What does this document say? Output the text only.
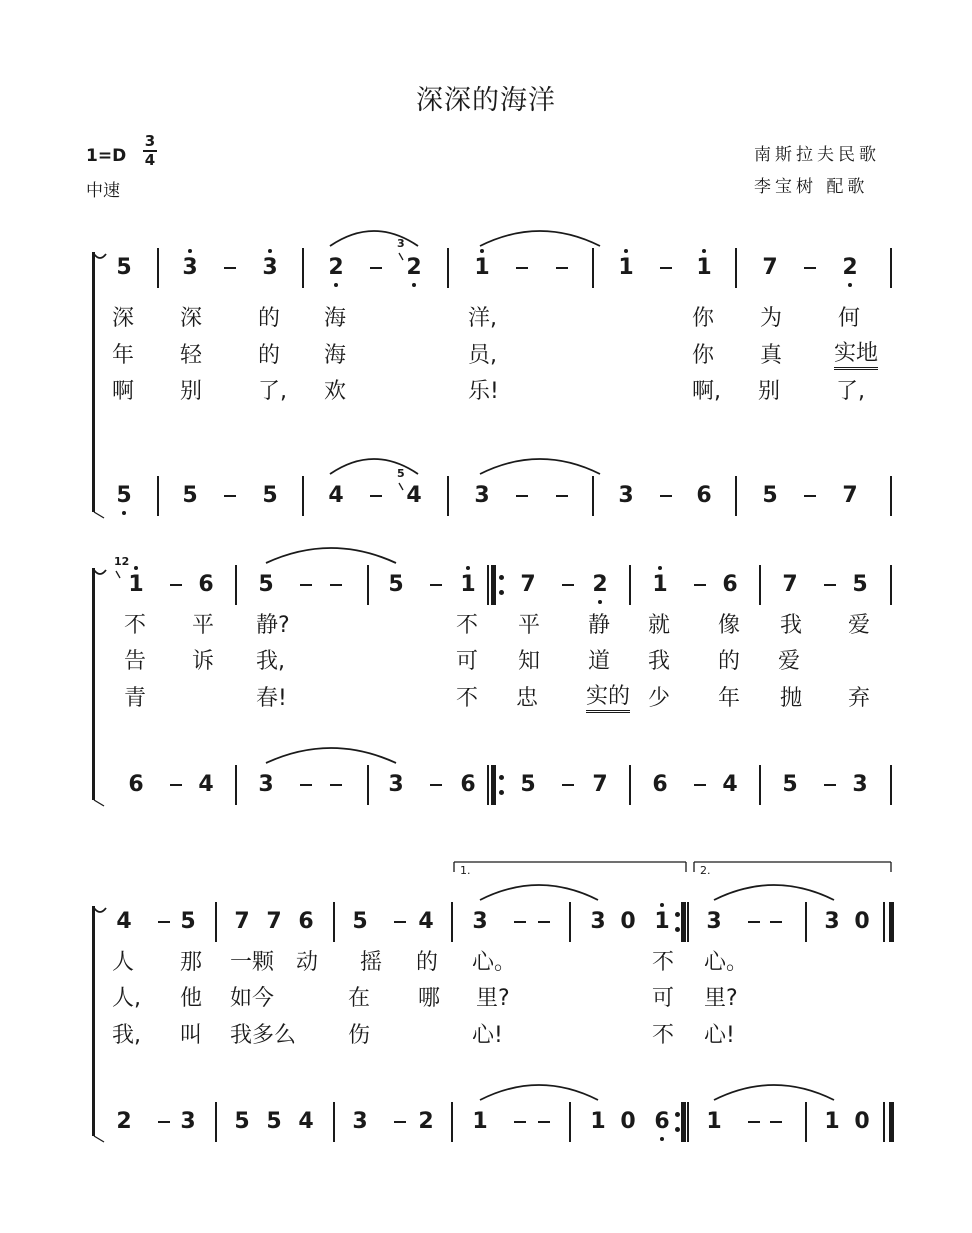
深深的海洋
1=D
3
4
中速
南斯拉夫民歌
李宝树 配歌
5 3	3 2	2 1	1	1 7	2
5 5	5 4	4 3	3	6 5	7
3
5
深 深	的 海	洋,	你 为	何
年 轻	的 海	员,	你 真 实地
啊 别	了, 欢	乐!	啊, 别	了,
1 6 5	5	1 7	2 1 6 7 5
6 4 3	3	6 5	7 6 4 5 3
12
不 平 静?	不 平 静 就 像 我 爱
告 诉 我,	可 知 道 我 的 爱
青	春!	不 忠 实的 少 年 抛 弃
4 5 7 7 6 5 4 3	3 0 1 3	3 0
2 3 5 5 4 3 2 1	1 0 6 1	1 0
1.	2.
人 那 一颗 动 摇 的 心。	不 心。
人, 他 如今	在 哪 里?	可 里?
我, 叫 我多么 伤	心!	不 心!
